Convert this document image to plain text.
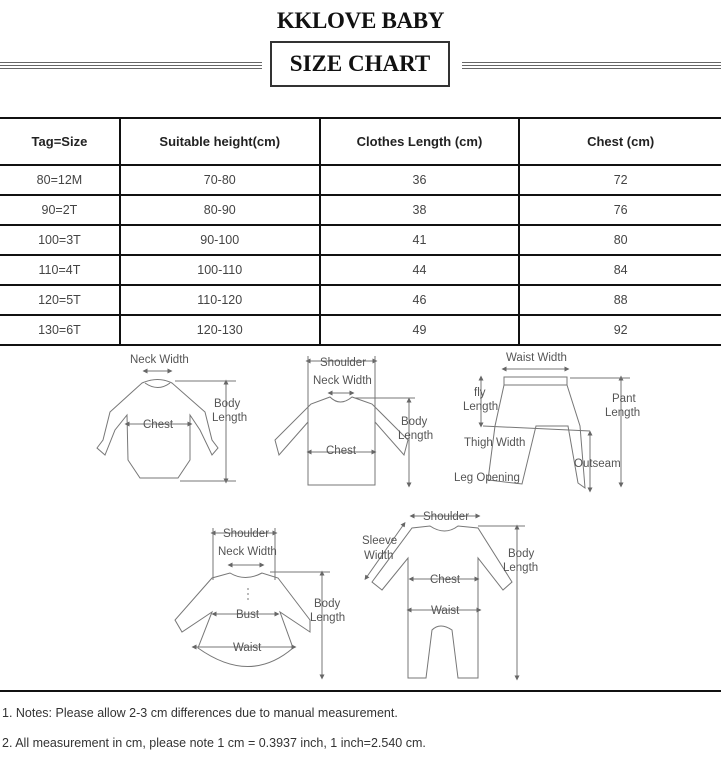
KKLOVE BABY
SIZE CHART
Tag=Size	Suitable height(cm)	Clothes Length (cm)	Chest (cm)
80=12M	70-80	36	72
90=2T	80-90	38	76
100=3T	90-100	41	80
110=4T	100-110	44	84
120=5T	110-120	46	88
130=6T	120-130	49	92
Neck Width
Chest
Body
Length
Shoulder
Neck Width
Chest
Body
Length
Waist Width
fly
Length
Pant
Length
Thigh Width
Outseam
Leg Opening
Shoulder
Neck Width
Bust
Waist
Body
Length
Shoulder
Sleeve
Width
Chest
Waist
Body
Length
1. Notes: Please allow 2-3 cm differences due to manual measurement.
2. All measurement in cm, please note 1 cm = 0.3937 inch, 1 inch=2.540 cm.
